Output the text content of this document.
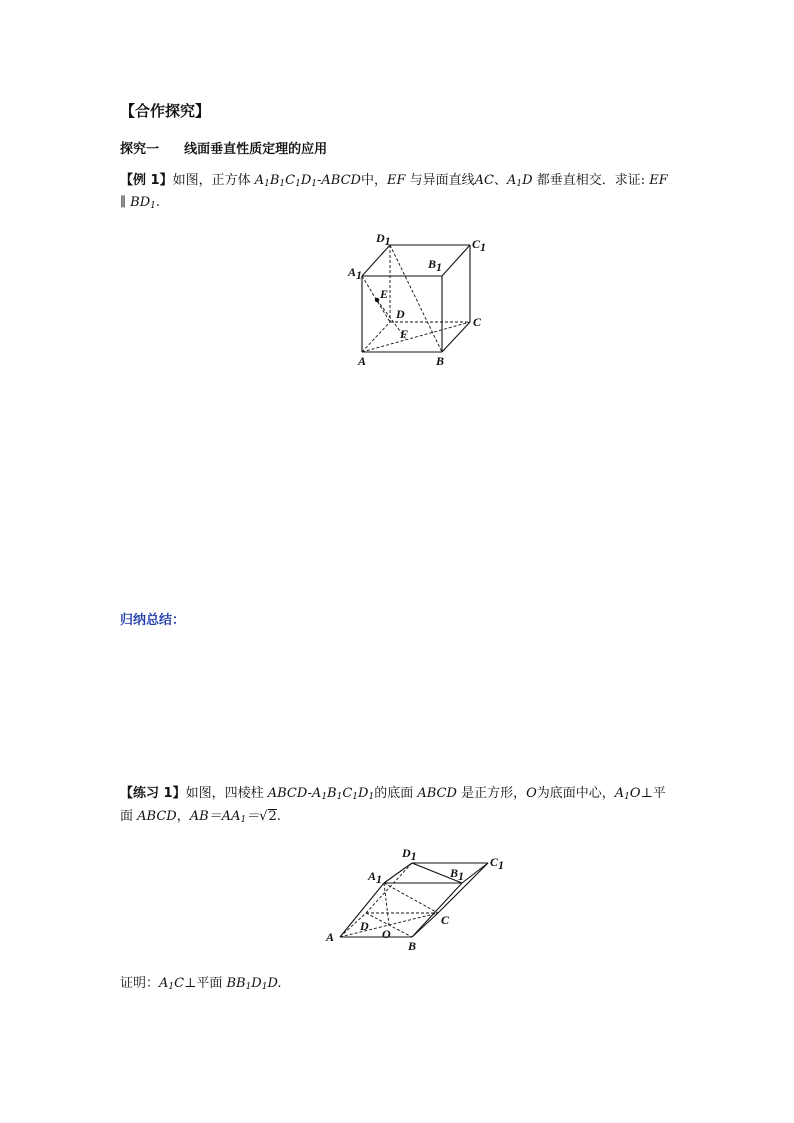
【合作探究】
探究一 线面垂直性质定理的应用
【例 1】如图，正方体 $A_1B_1C_1D_1$-ABCD中，EF 与异面直线AC、$A_1D$ 都垂直相交．求证: EF
∥ $BD_1$.
D1	C1
A1
B1
E
D
C
F
A	B
归纳总结：
【练习 1】如图，四棱柱 ABCD-$A_1B_1C_1D_1$的底面 ABCD 是正方形，O为底面中心，$A_1O\perp$平
面 ABCD，$AB=AA_1=√2$.
D1	C1
A1	B1
C
D
O
A
B
证明：$A_1C\perp$平面 $BB_1D_1D$.
